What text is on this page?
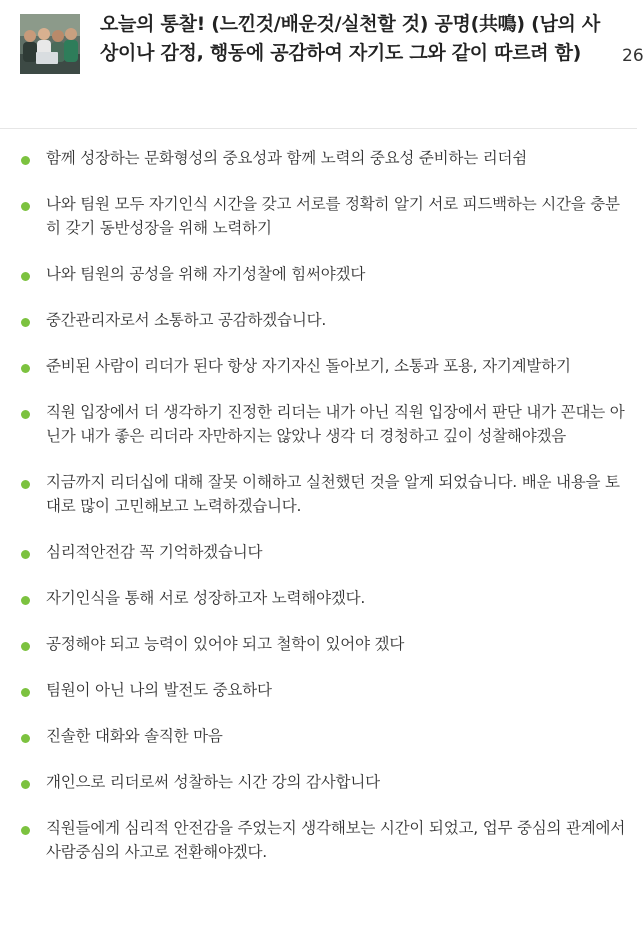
오늘의 통찰! (느낀것/배운것/실천할 것) 공명(共鳴) (남의 사상이나 감정, 행동에 공감하여 자기도 그와 같이 따르려 함)	26
함께 성장하는 문화형성의 중요성과 함께 노력의 중요성 준비하는 리더쉼
나와 팀원 모두 자기인식 시간을 갖고 서로를 정확히 알기 서로 피드백하는 시간을 충분히 갖기 동반성장을 위해 노력하기
나와 팀원의 공성을 위해 자기성찰에 힘써야겠다
중간관리자로서 소통하고 공감하겠습니다.
준비된 사람이 리더가 된다 항상 자기자신 돌아보기, 소통과 포용, 자기계발하기
직원 입장에서 더 생각하기 진정한 리더는 내가 아닌 직원 입장에서 판단 내가 꼰대는 아닌가 내가 좋은 리더라 자만하지는 않았나 생각 더 경청하고 깊이 성찰해야겠음
지금까지 리더십에 대해 잘못 이해하고 실천했던 것을 알게 되었습니다. 배운 내용을 토대로 많이 고민해보고 노력하겠습니다.
심리적안전감 꼭 기억하겠습니다
자기인식을 통해 서로 성장하고자 노력해야겠다.
공정해야 되고 능력이 있어야 되고 철학이 있어야 겠다
팀원이 아닌 나의 발전도 중요하다
진솔한 대화와 솔직한 마음
개인으로 리더로써 성찰하는 시간 강의 감사합니다
직원들에게 심리적 안전감을 주었는지 생각해보는 시간이 되었고, 업무 중심의 관계에서 사람중심의 사고로 전환해야겠다.
